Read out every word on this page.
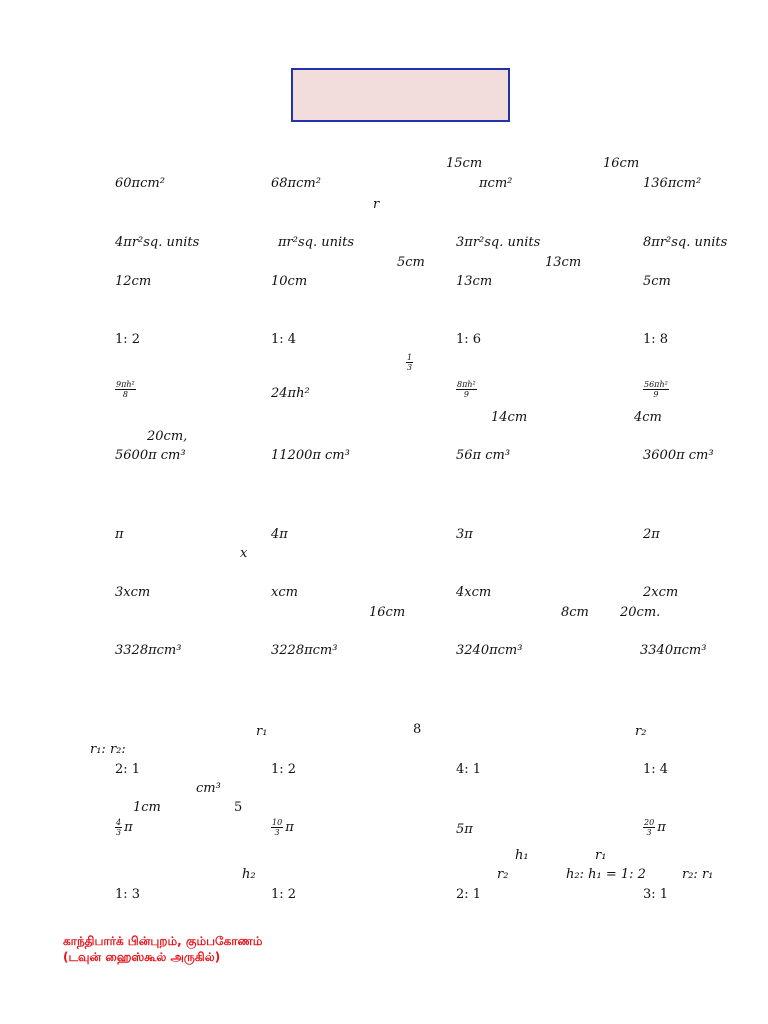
15cm	16cm
60πcm²	68πcm²	πcm²	136πcm²
r
4πr²sq. units	πr²sq. units	3πr²sq. units	8πr²sq. units
5cm	13cm
12cm	10cm	13cm	5cm
1: 2	1: 4	1: 6	1: 8
$\frac{1}{3}$
$\frac{\text{9πh²}}{8}$	24πh²	$\frac{\text{8πh²}}{9}$	$\frac{\text{56πh²}}{9}$
14cm	4cm
20cm,
5600π cm³	11200π cm³	56π cm³	3600π cm³
π	4π	3π	2π
x
3xcm	xcm	4xcm	2xcm
16cm	8cm 20cm.
3328πcm³	3228πcm³	3240πcm³	3340πcm³
r₁	8	r₂
r₁: r₂:
2: 1	1: 2	4: 1	1: 4
cm³
1cm	5
$\frac{4}{3}$ π	$\frac{10}{3}$ π	5π	$\frac{20}{3}$ π
h₁	r₁
h₂	r₂	h₂: h₁ = 1: 2	r₂: r₁
1: 3	1: 2	2: 1	3: 1
காந்திபார்க் பின்புறம், கும்பகோணம்
(டவுன் ஹைஸ்கூல் அருகில்)
